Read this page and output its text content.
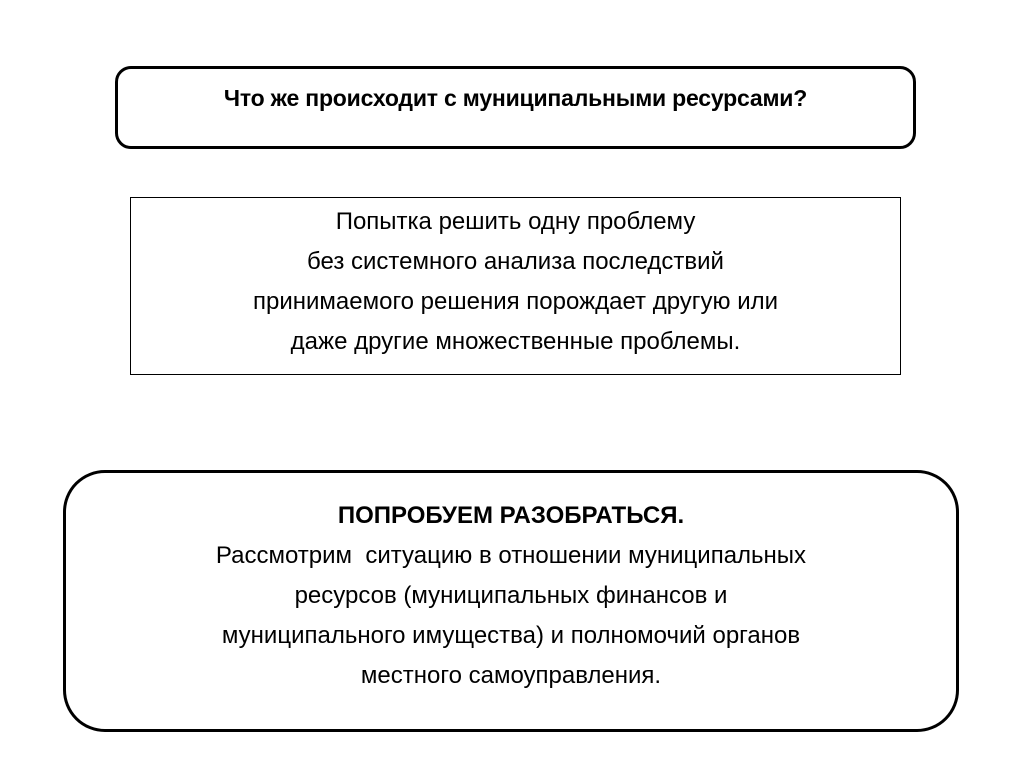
Что же происходит с муниципальными ресурсами?
Попытка решить одну проблему
без системного анализа последствий
принимаемого решения порождает другую или
даже другие множественные проблемы.
ПОПРОБУЕМ РАЗОБРАТЬСЯ.
Рассмотрим  ситуацию в отношении муниципальных
ресурсов (муниципальных финансов и
муниципального имущества) и полномочий органов
местного самоуправления.
